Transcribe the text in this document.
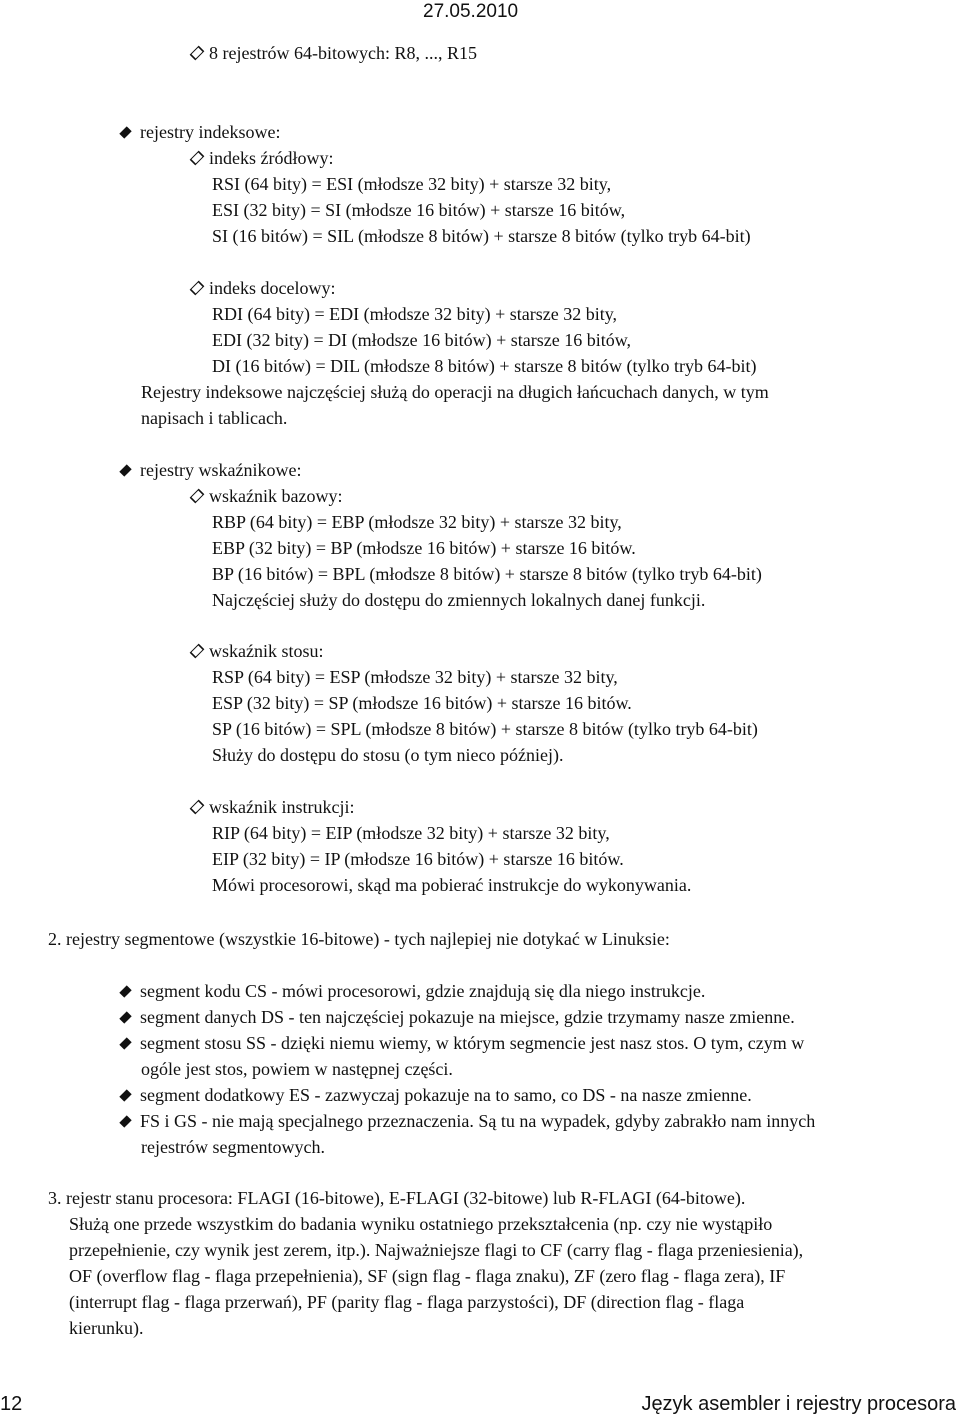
27.05.2010
8 rejestrów 64-bitowych: R8, ..., R15
rejestry indeksowe:
indeks źródłowy:
RSI (64 bity) = ESI (młodsze 32 bity) + starsze 32 bity,
ESI (32 bity) = SI (młodsze 16 bitów) + starsze 16 bitów,
SI (16 bitów) = SIL (młodsze 8 bitów) + starsze 8 bitów (tylko tryb 64-bit)
indeks docelowy:
RDI (64 bity) = EDI (młodsze 32 bity) + starsze 32 bity,
EDI (32 bity) = DI (młodsze 16 bitów) + starsze 16 bitów,
DI (16 bitów) = DIL (młodsze 8 bitów) + starsze 8 bitów (tylko tryb 64-bit)
Rejestry indeksowe najczęściej służą do operacji na długich łańcuchach danych, w tym
napisach i tablicach.
rejestry wskaźnikowe:
wskaźnik bazowy:
RBP (64 bity) = EBP (młodsze 32 bity) + starsze 32 bity,
EBP (32 bity) = BP (młodsze 16 bitów) + starsze 16 bitów.
BP (16 bitów) = BPL (młodsze 8 bitów) + starsze 8 bitów (tylko tryb 64-bit)
Najczęściej służy do dostępu do zmiennych lokalnych danej funkcji.
wskaźnik stosu:
RSP (64 bity) = ESP (młodsze 32 bity) + starsze 32 bity,
ESP (32 bity) = SP (młodsze 16 bitów) + starsze 16 bitów.
SP (16 bitów) = SPL (młodsze 8 bitów) + starsze 8 bitów (tylko tryb 64-bit)
Służy do dostępu do stosu (o tym nieco później).
wskaźnik instrukcji:
RIP (64 bity) = EIP (młodsze 32 bity) + starsze 32 bity,
EIP (32 bity) = IP (młodsze 16 bitów) + starsze 16 bitów.
Mówi procesorowi, skąd ma pobierać instrukcje do wykonywania.
2. rejestry segmentowe (wszystkie 16-bitowe) - tych najlepiej nie dotykać w Linuksie:
segment kodu CS - mówi procesorowi, gdzie znajdują się dla niego instrukcje.
segment danych DS - ten najczęściej pokazuje na miejsce, gdzie trzymamy nasze zmienne.
segment stosu SS - dzięki niemu wiemy, w którym segmencie jest nasz stos. O tym, czym w
ogóle jest stos, powiem w następnej części.
segment dodatkowy ES - zazwyczaj pokazuje na to samo, co DS - na nasze zmienne.
FS i GS - nie mają specjalnego przeznaczenia. Są tu na wypadek, gdyby zabrakło nam innych
rejestrów segmentowych.
3. rejestr stanu procesora: FLAGI (16-bitowe), E-FLAGI (32-bitowe) lub R-FLAGI (64-bitowe).
Służą one przede wszystkim do badania wyniku ostatniego przekształcenia (np. czy nie wystąpiło
przepełnienie, czy wynik jest zerem, itp.). Najważniejsze flagi to CF (carry flag - flaga przeniesienia),
OF (overflow flag - flaga przepełnienia), SF (sign flag - flaga znaku), ZF (zero flag - flaga zera), IF
(interrupt flag - flaga przerwań), PF (parity flag - flaga parzystości), DF (direction flag - flaga
kierunku).
12	Język asembler i rejestry procesora
